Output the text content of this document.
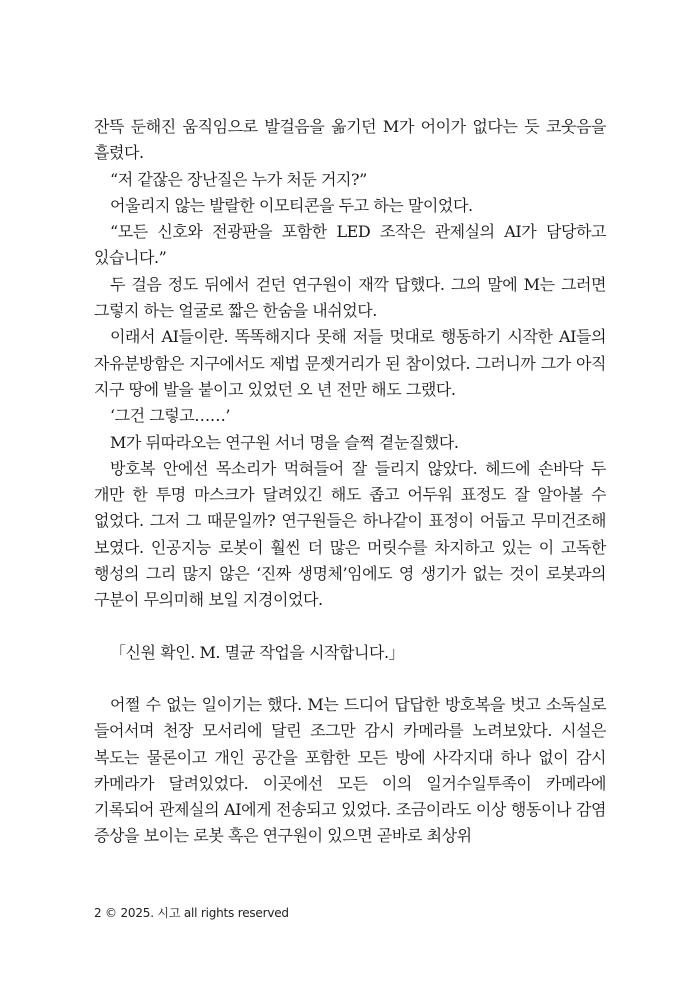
잔뜩 둔해진 움직임으로 발걸음을 옮기던 M가 어이가 없다는 듯 코웃음을 흘렸다.

“저 같잖은 장난질은 누가 처둔 거지?”

어울리지 않는 발랄한 이모티콘을 두고 하는 말이었다.

“모든 신호와 전광판을 포함한 LED 조작은 관제실의 AI가 담당하고 있습니다.”

두 걸음 정도 뒤에서 걷던 연구원이 재깍 답했다. 그의 말에 M는 그러면 그렇지 하는 얼굴로 짧은 한숨을 내쉬었다.

이래서 AI들이란. 똑똑해지다 못해 저들 멋대로 행동하기 시작한 AI들의 자유분방함은 지구에서도 제법 문젯거리가 된 참이었다. 그러니까 그가 아직 지구 땅에 발을 붙이고 있었던 오 년 전만 해도 그랬다.

‘그건 그렇고……’

M가 뒤따라오는 연구원 서너 명을 슬쩍 곁눈질했다.

방호복 안에선 목소리가 먹혀들어 잘 들리지 않았다. 헤드에 손바닥 두 개만 한 투명 마스크가 달려있긴 해도 좁고 어두워 표정도 잘 알아볼 수 없었다. 그저 그 때문일까? 연구원들은 하나같이 표정이 어둡고 무미건조해 보였다. 인공지능 로봇이 훨씬 더 많은 머릿수를 차지하고 있는 이 고독한 행성의 그리 많지 않은 ‘진짜 생명체’임에도 영 생기가 없는 것이 로봇과의 구분이 무의미해 보일 지경이었다.

「신원 확인. M. 멸균 작업을 시작합니다.」

어쩔 수 없는 일이기는 했다. M는 드디어 답답한 방호복을 벗고 소독실로 들어서며 천장 모서리에 달린 조그만 감시 카메라를 노려보았다. 시설은 복도는 물론이고 개인 공간을 포함한 모든 방에 사각지대 하나 없이 감시 카메라가 달려있었다. 이곳에선 모든 이의 일거수일투족이 카메라에 기록되어 관제실의 AI에게 전송되고 있었다. 조금이라도 이상 행동이나 감염 증상을 보이는 로봇 혹은 연구원이 있으면 곧바로 최상위

2 © 2025. 시고 all rights reserved
